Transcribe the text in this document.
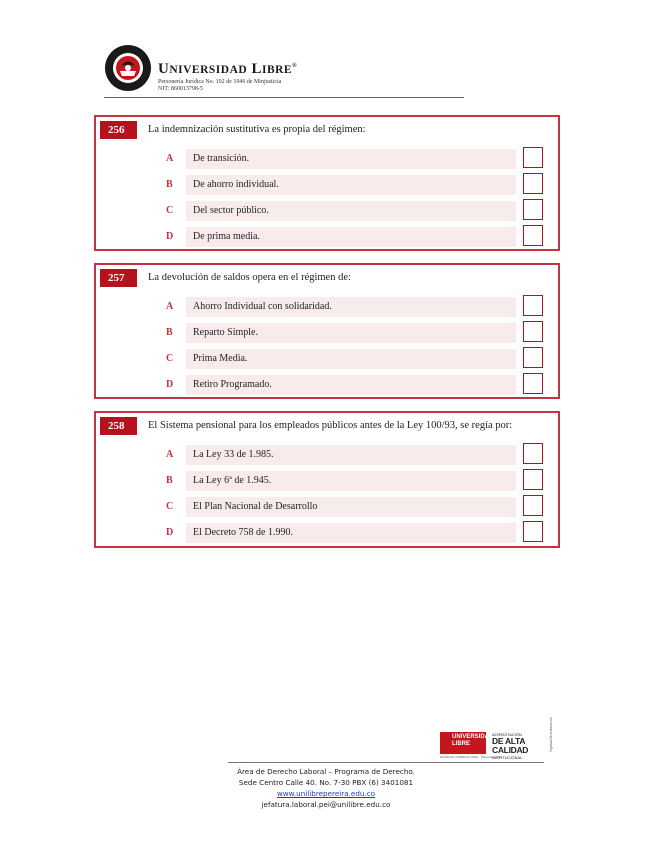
UNIVERSIDAD LIBRE®
Personería Jurídica No. 192 de 1946 de Minjusticia
NIT: 860013798-5
256	La indemnización sustitutiva es propia del régimen:
A	De transición.
B	De ahorro individual.
C	Del sector público.
D	De prima media.
257	La devolución de saldos opera en el régimen de:
A	Ahorro Individual con solidaridad.
B	Reparto Simple.
C	Prima Media.
D	Retiro Programado.
258	El Sistema pensional para los empleados públicos antes de la Ley 100/93, se regía por:
A	La Ley 33 de 1.985.
B	La Ley 6ª de 1.945.
C	El Plan Nacional de Desarrollo
D	El Decreto 758 de 1.990.
UNIVERSIDAD LIBRE
ACREDITACIÓN
DE ALTA CALIDAD
INSTITUCIONAL
Resolución 016892 del 2016 · Vigencia 4 años
Vigilada Mineducación
Área de Derecho Laboral – Programa de Derecho.
Sede Centro Calle 40. No. 7-30 PBX (6) 3401081
www.unilibrepereira.edu.co
jefatura.laboral.pei@unilibre.edu.co
